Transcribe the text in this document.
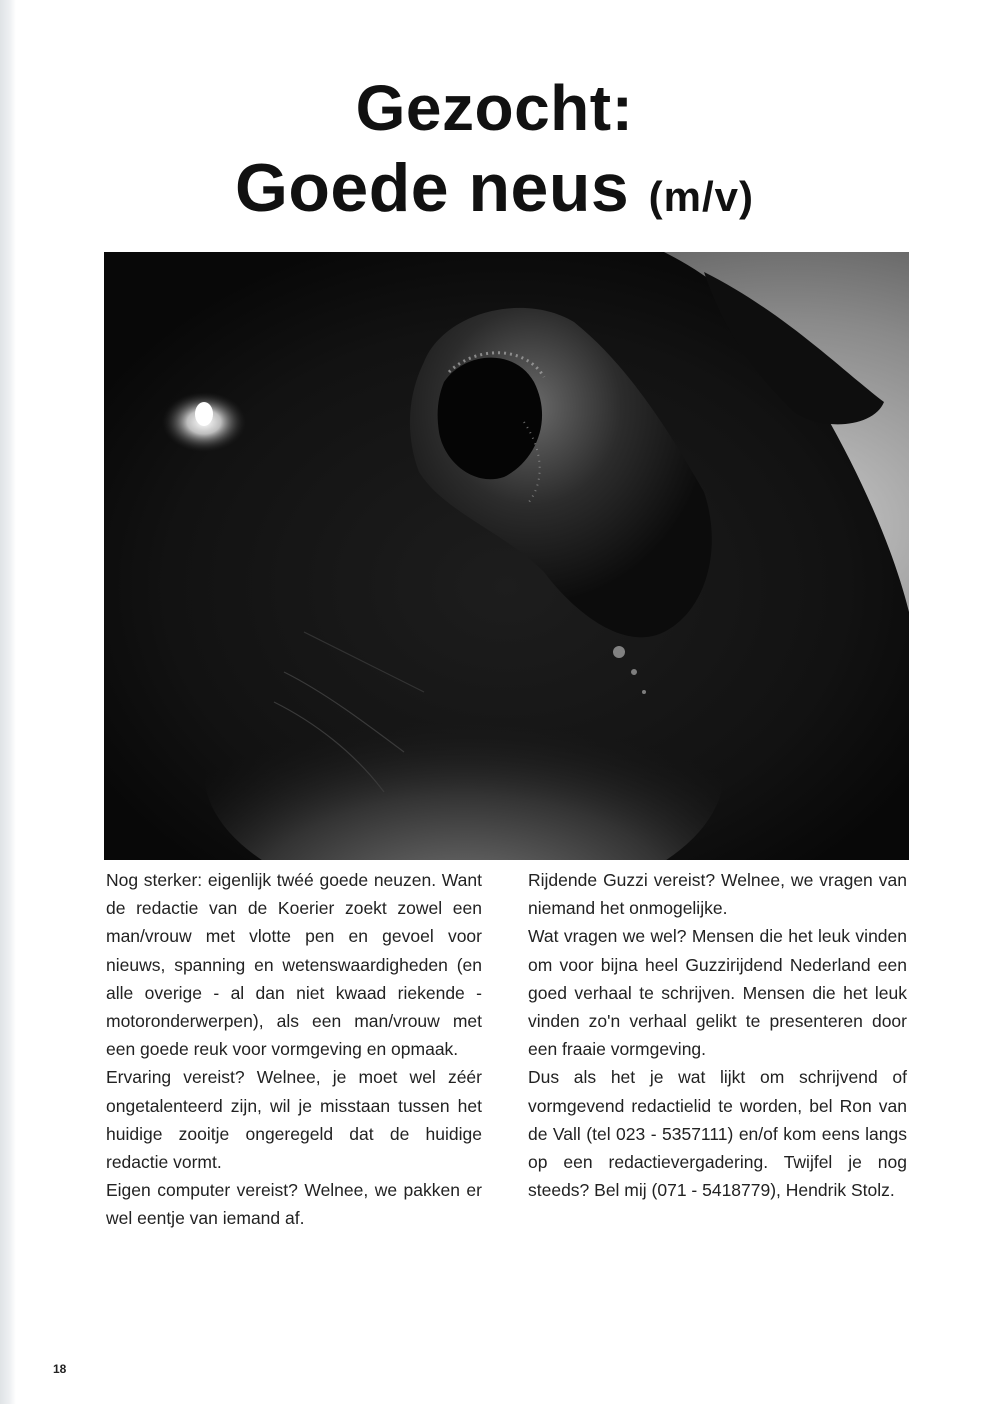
Gezocht:
Goede neus (m/v)

Nog sterker: eigenlijk twéé goede neuzen. Want de redactie van de Koerier zoekt zowel een man/vrouw met vlotte pen en gevoel voor nieuws, spanning en wetenswaardigheden (en alle overige - al dan niet kwaad riekende - motoronderwerpen), als een man/vrouw met een goede reuk voor vormgeving en opmaak.

Ervaring vereist? Welnee, je moet wel zéér ongetalenteerd zijn, wil je misstaan tussen het huidige zooitje ongeregeld dat de huidige redactie vormt.

Eigen computer vereist? Welnee, we pakken er wel eentje van iemand af.

Rijdende Guzzi vereist? Welnee, we vragen van niemand het onmogelijke.

Wat vragen we wel? Mensen die het leuk vinden om voor bijna heel Guzzirijdend Nederland een goed verhaal te schrijven. Mensen die het leuk vinden zo'n verhaal gelikt te presenteren door een fraaie vormgeving.

Dus als het je wat lijkt om schrijvend of vormgevend redactielid te worden, bel Ron van de Vall (tel 023 - 5357111) en/of kom eens langs op een redactievergadering. Twijfel je nog steeds? Bel mij (071 - 5418779), Hendrik Stolz.

18
